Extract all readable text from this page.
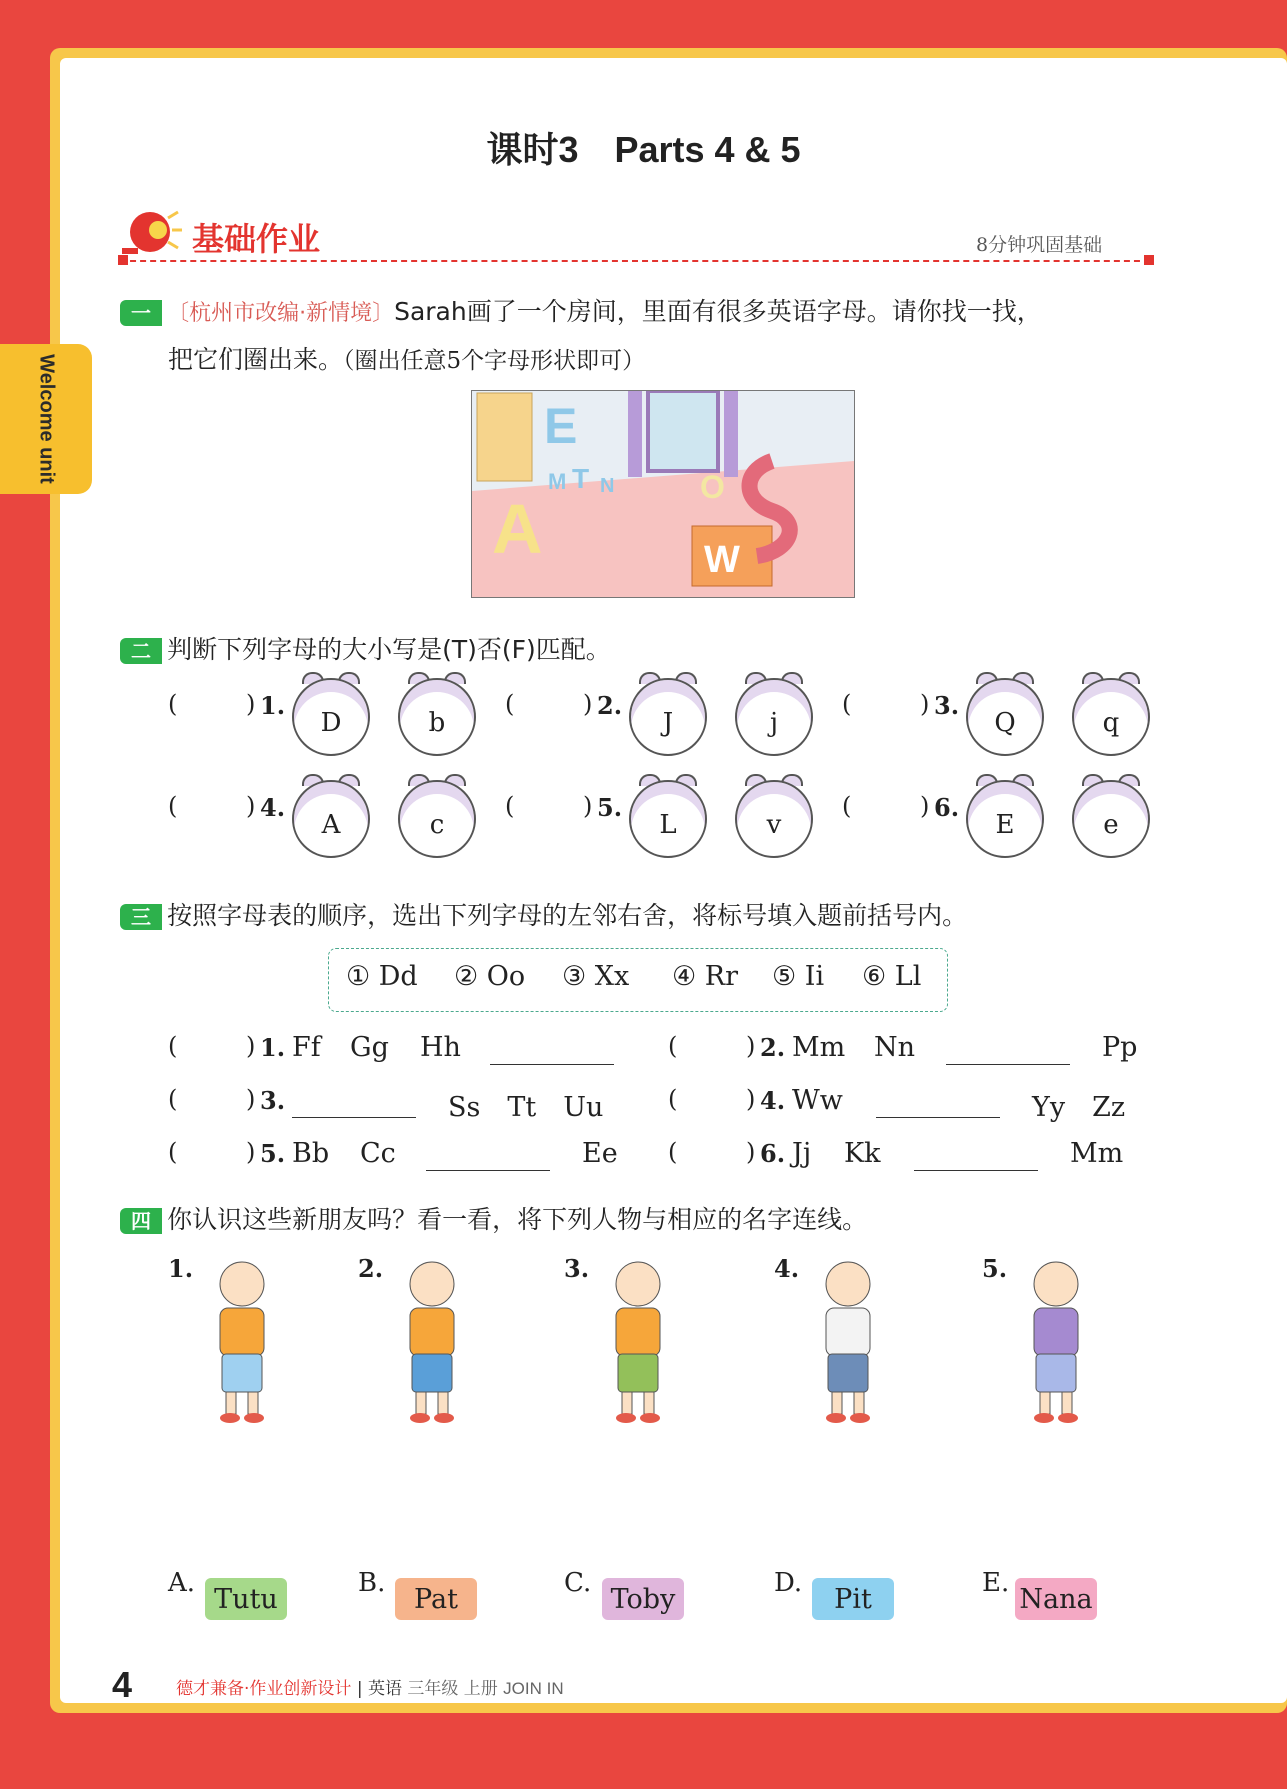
Welcome unit
课时3　Parts 4 & 5
基础作业	8分钟巩固基础
一 〔杭州市改编·新情境〕Sarah画了一个房间，里面有很多英语字母。请你找一找，
把它们圈出来。（圈出任意5个字母形状即可）
E
M T N
A
O
W
二 判断下列字母的大小写是(T)否(F)匹配。
(	) 1.
D	b
(	) 2.
J	j
(	) 3.
Q	q
(	) 4.
A	c
(	) 5.
L	v
(	) 6.
E	e
三 按照字母表的顺序，选出下列字母的左邻右舍，将标号填入题前括号内。
① Dd ② Oo ③ Xx ④ Rr ⑤ Ii ⑥ Ll
(	) 1. Ff Gg Hh	(	) 2. Mm Nn	Pp
(	) 3.	Ss　Tt　Uu	(	) 4. Ww	Yy　Zz
(	) 5. Bb Cc	Ee (	) 6. Jj Kk	Mm
四 你认识这些新朋友吗？看一看，将下列人物与相应的名字连线。
1.	2.	3.	4.	5.
A.
Tutu
B.
Pat
C.
Toby
D.
Pit
E.
Nana
4	德才兼备·作业创新设计 | 英语 三年级 上册 JOIN IN
